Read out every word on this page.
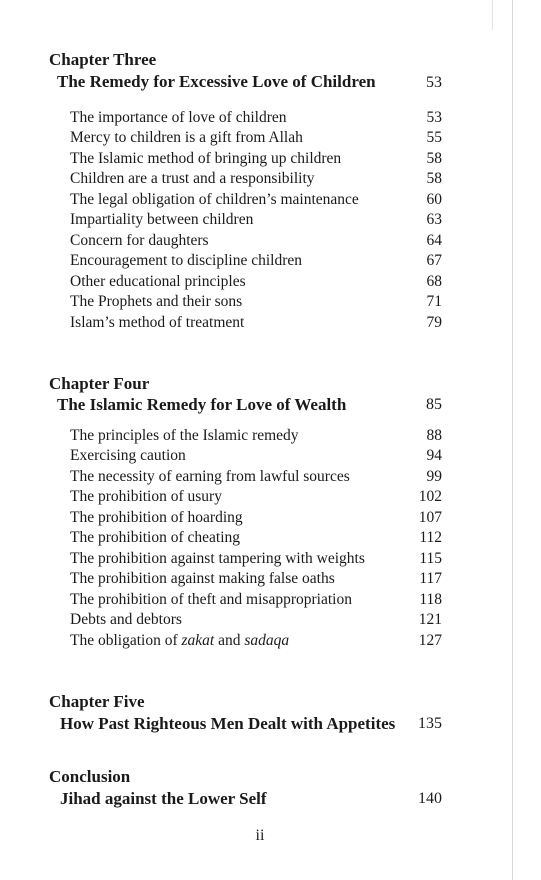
Chapter Three
The Remedy for Excessive Love of Children	53
The importance of love of children	53
Mercy to children is a gift from Allah	55
The Islamic method of bringing up children	58
Children are a trust and a responsibility	58
The legal obligation of children’s maintenance	60
Impartiality between children	63
Concern for daughters	64
Encouragement to discipline children	67
Other educational principles	68
The Prophets and their sons	71
Islam’s method of treatment	79
Chapter Four
The Islamic Remedy for Love of Wealth	85
The principles of the Islamic remedy	88
Exercising caution	94
The necessity of earning from lawful sources	99
The prohibition of usury	102
The prohibition of hoarding	107
The prohibition of cheating	112
The prohibition against tampering with weights	115
The prohibition against making false oaths	117
The prohibition of theft and misappropriation	118
Debts and debtors	121
The obligation of zakat and sadaqa	127
Chapter Five
How Past Righteous Men Dealt with Appetites	135
Conclusion
Jihad against the Lower Self	140
ii
